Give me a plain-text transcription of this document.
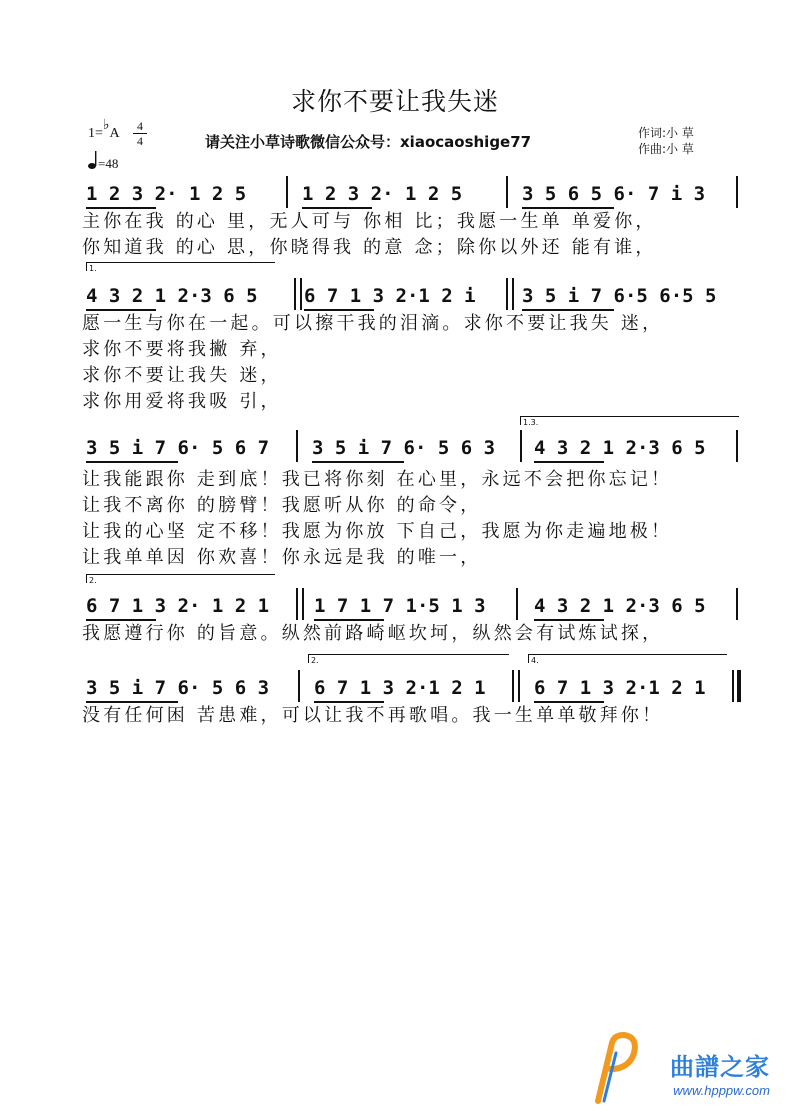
求你不要让我失迷
1=♭A	4
4
=48
请关注小草诗歌微信公众号：xiaocaoshige77	作词:小 草
作曲:小 草
1 2 3 2· 1 2 5	1 2 3 2· 1 2 5	3 5 6 5 6· 7 i 3
主你在我 的心 里，无人可与 你相 比；我愿一生单 单爱你，
你知道我 的心 思，你晓得我 的意 念；除你以外还 能有谁，
1.
4 3 2 1 2·3 6 5 6 7 1 3 2·1 2 i 3 5 i 7 6·5 6·5 5
愿一生与你在一起。可以擦干我的泪滴。求你不要让我失 迷，
求你不要将我撇 弃，
求你不要让我失 迷，
求你用爱将我吸 引，
1.3.
3 5 i 7 6· 5 6 7 3 5 i 7 6· 5 6 3 4 3 2 1 2·3 6 5
让我能跟你 走到底！我已将你刻 在心里，永远不会把你忘记！
让我不离你 的膀臂！我愿听从你 的命令，
让我的心坚 定不移！我愿为你放 下自己，我愿为你走遍地极！
让我单单因 你欢喜！你永远是我 的唯一，
2.
6 7 1 3 2· 1 2 1 1 7 1 7 1·5 1 3	4 3 2 1 2·3 6 5
我愿遵行你 的旨意。纵然前路崎岖坎坷，纵然会有试炼试探，
2.	4.
3 5 i 7 6· 5 6 3 6 7 1 3 2·1 2 1	6 7 1 3 2·1 2 1
没有任何困 苦患难，可以让我不再歌唱。我一生单单敬拜你！
曲譜之家
www.hpppw.com
